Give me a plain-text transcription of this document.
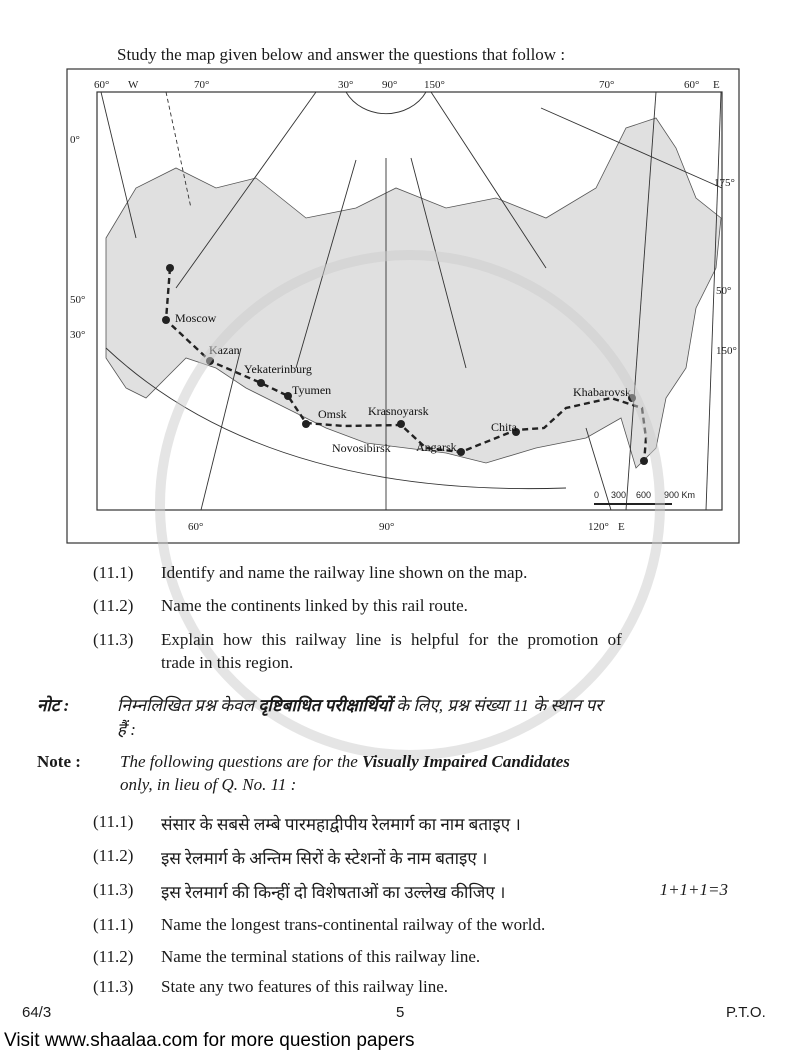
Study the map given below and answer the questions that follow :
Moscow
Kazan
Yekaterinburg
Tyumen
Omsk
Novosibirsk
Krasnoyarsk
Angarsk
Chita
Khabarovsk
60° W	70°	30°	90° 150°	70°	60° E
0°
50°
30°
175°
50°
150°
60°	90°	120° E
0 300 600 900 Km
(11.1) Identify and name the railway line shown on the map.
(11.2) Name the continents linked by this rail route.
(11.3) Explain how this railway line is helpful for the promotion of
trade in this region.
नोट :	निम्नलिखित प्रश्न केवल दृष्टिबाधित परीक्षार्थियों के लिए, प्रश्न संख्या 11 के स्थान पर
हैं :
Note : The following questions are for the Visually Impaired Candidates
only, in lieu of Q. No. 11 :
(11.1) संसार के सबसे लम्बे पारमहाद्वीपीय रेलमार्ग का नाम बताइए ।
(11.2) इस रेलमार्ग के अन्तिम सिरों के स्टेशनों के नाम बताइए ।
(11.3) इस रेलमार्ग की किन्हीं दो विशेषताओं का उल्लेख कीजिए ।	1+1+1=3
(11.1) Name the longest trans-continental railway of the world.
(11.2) Name the terminal stations of this railway line.
(11.3) State any two features of this railway line.
64/3	5	P.T.O.
Visit www.shaalaa.com for more question papers
